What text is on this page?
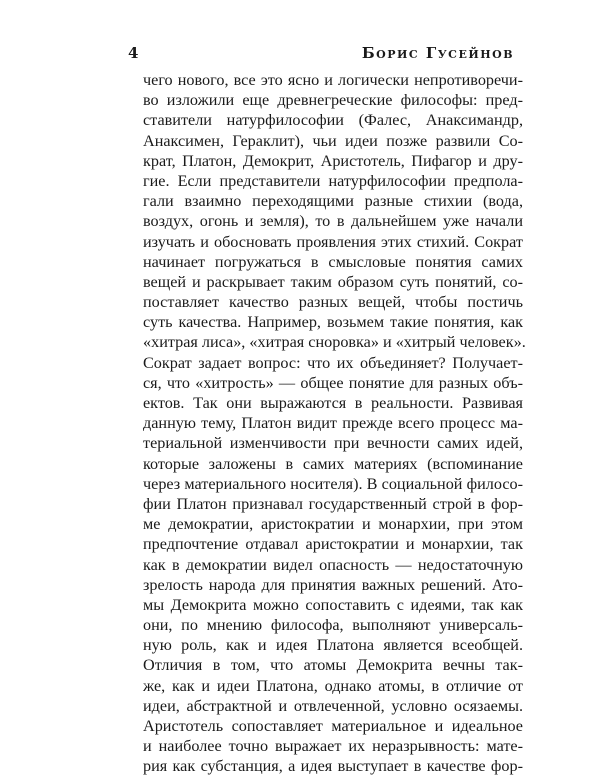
4	Борис Гусейнов
чего нового, все это ясно и логически непротиворечи-
во изложили еще древнегреческие философы: пред-
ставители натурфилософии (Фалес, Анаксимандр,
Анаксимен, Гераклит), чьи идеи позже развили Со-
крат, Платон, Демокрит, Аристотель, Пифагор и дру-
гие. Если представители натурфилософии предпола-
гали взаимно переходящими разные стихии (вода,
воздух, огонь и земля), то в дальнейшем уже начали
изучать и обосновать проявления этих стихий. Сократ
начинает погружаться в смысловые понятия самих
вещей и раскрывает таким образом суть понятий, со-
поставляет качество разных вещей, чтобы постичь
суть качества. Например, возьмем такие понятия, как
«хитрая лиса», «хитрая сноровка» и «хитрый человек».
Сократ задает вопрос: что их объединяет? Получает-
ся, что «хитрость» — общее понятие для разных объ-
ектов. Так они выражаются в реальности. Развивая
данную тему, Платон видит прежде всего процесс ма-
териальной изменчивости при вечности самих идей,
которые заложены в самих материях (вспоминание
через материального носителя). В социальной филосо-
фии Платон признавал государственный строй в фор-
ме демократии, аристократии и монархии, при этом
предпочтение отдавал аристократии и монархии, так
как в демократии видел опасность — недостаточную
зрелость народа для принятия важных решений. Ато-
мы Демокрита можно сопоставить с идеями, так как
они, по мнению философа, выполняют универсаль-
ную роль, как и идея Платона является всеобщей.
Отличия в том, что атомы Демокрита вечны так-
же, как и идеи Платона, однако атомы, в отличие от
идеи, абстрактной и отвлеченной, условно осязаемы.
Аристотель сопоставляет материальное и идеальное
и наиболее точно выражает их неразрывность: мате-
рия как субстанция, а идея выступает в качестве фор-
